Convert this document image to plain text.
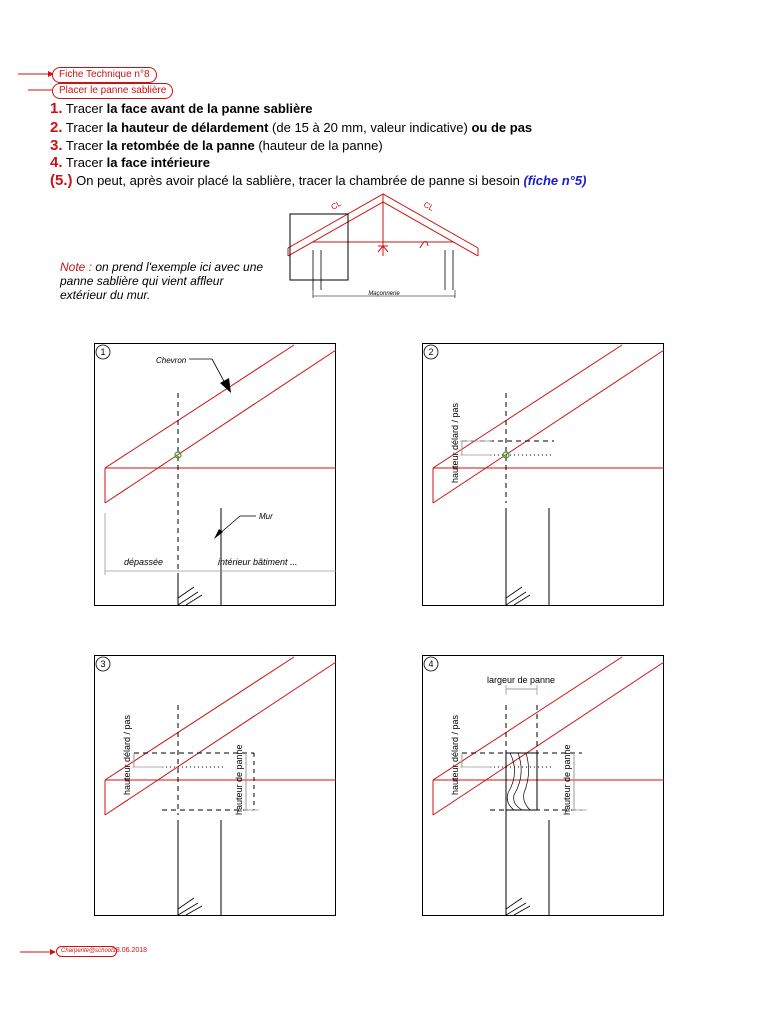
Fiche Technique n°8
Placer le panne sablière
1. Tracer la face avant de la panne sablière
2. Tracer la hauteur de délardement (de 15 à 20 mm, valeur indicative) ou de pas
3. Tracer la retombée de la panne (hauteur de la panne)
4. Tracer la face intérieure
(5.) On peut, après avoir placé la sablière, tracer la chambrée de panne si besoin (fiche n°5)
Note : on prend l'exemple ici avec une panne sablière qui vient affleur extérieur du mur.
CL	CL
Maçonnerie
1
Chevron
Mur
dépassée	intérieur bâtiment ...
2
hauteur délard / pas
3
hauteur délard / pas	hauteur de panne
4
largeur de panne
hauteur délard / pas	hauteur de panne
Charpente@school 18.06.2018
